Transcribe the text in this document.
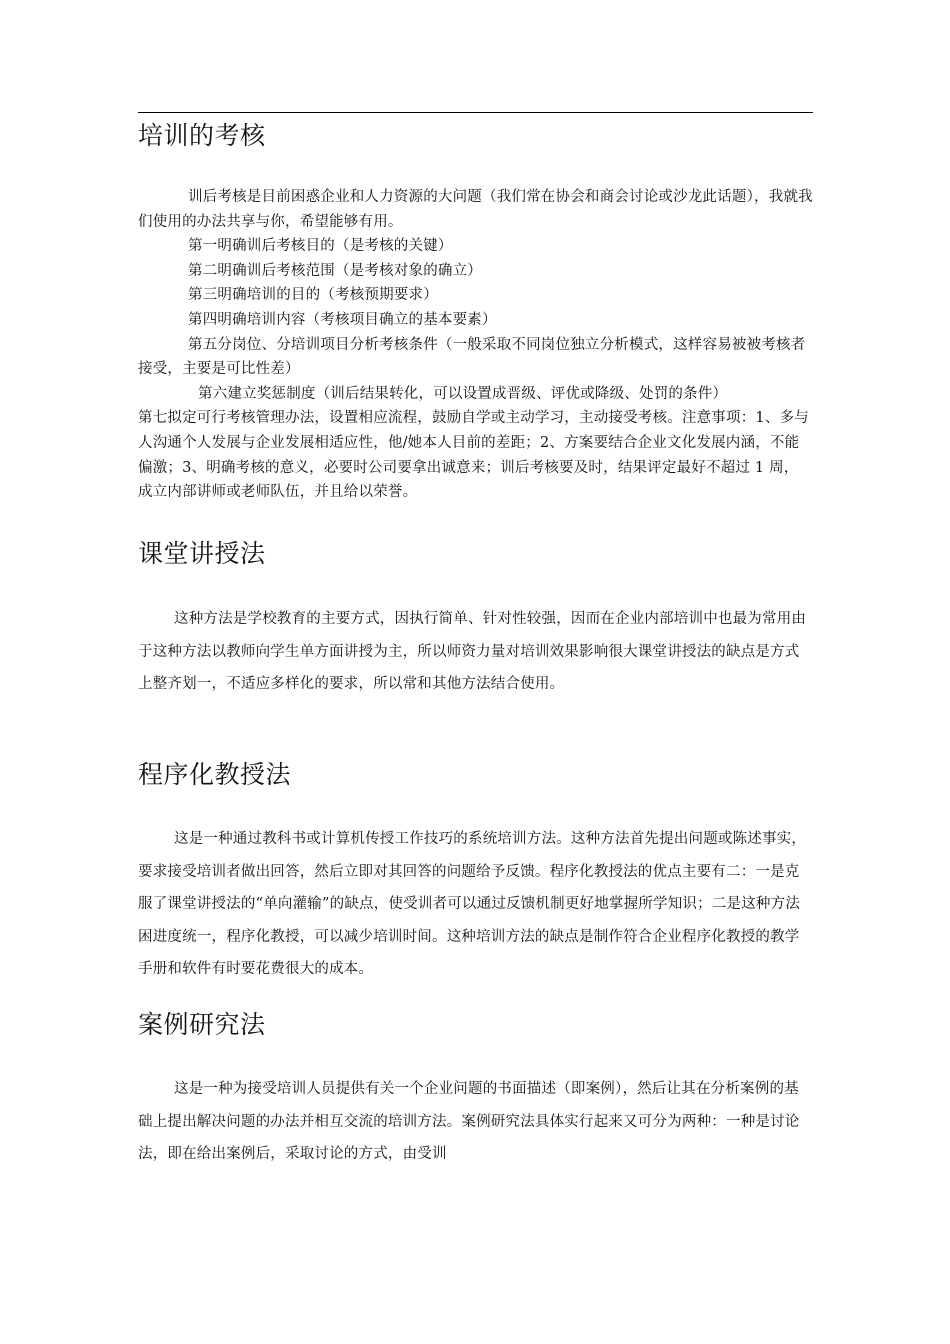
培训的考核

训后考核是目前困惑企业和人力资源的大问题（我们常在协会和商会讨论或沙龙此话题），我就我们使用的办法共享与你，希望能够有用。

第一明确训后考核目的（是考核的关键）

第二明确训后考核范围（是考核对象的确立）

第三明确培训的目的（考核预期要求）

第四明确培训内容（考核项目确立的基本要素）

第五分岗位、分培训项目分析考核条件（一般采取不同岗位独立分析模式，这样容易被被考核者接受，主要是可比性差）

第六建立奖惩制度（训后结果转化，可以设置成晋级、评优或降级、处罚的条件）

第七拟定可行考核管理办法，设置相应流程，鼓励自学或主动学习，主动接受考核。注意事项：1、多与人沟通个人发展与企业发展相适应性，他/她本人目前的差距；2、方案要结合企业文化发展内涵，不能偏激；3、明确考核的意义，必要时公司要拿出诚意来；训后考核要及时，结果评定最好不超过 1 周，成立内部讲师或老师队伍，并且给以荣誉。

课堂讲授法

这种方法是学校教育的主要方式，因执行简单、针对性较强，因而在企业内部培训中也最为常用由于这种方法以教师向学生单方面讲授为主，所以师资力量对培训效果影响很大课堂讲授法的缺点是方式上整齐划一，不适应多样化的要求，所以常和其他方法结合使用。

程序化教授法

这是一种通过教科书或计算机传授工作技巧的系统培训方法。这种方法首先提出问题或陈述事实，要求接受培训者做出回答，然后立即对其回答的问题给予反馈。程序化教授法的优点主要有二：一是克服了课堂讲授法的“单向灌输”的缺点，使受训者可以通过反馈机制更好地掌握所学知识；二是这种方法困进度统一，程序化教授，可以减少培训时间。这种培训方法的缺点是制作符合企业程序化教授的教学手册和软件有时要花费很大的成本。

案例研究法

这是一种为接受培训人员提供有关一个企业问题的书面描述（即案例），然后让其在分析案例的基础上提出解决问题的办法并相互交流的培训方法。案例研究法具体实行起来又可分为两种：一种是讨论法，即在给出案例后，采取讨论的方式，由受训
